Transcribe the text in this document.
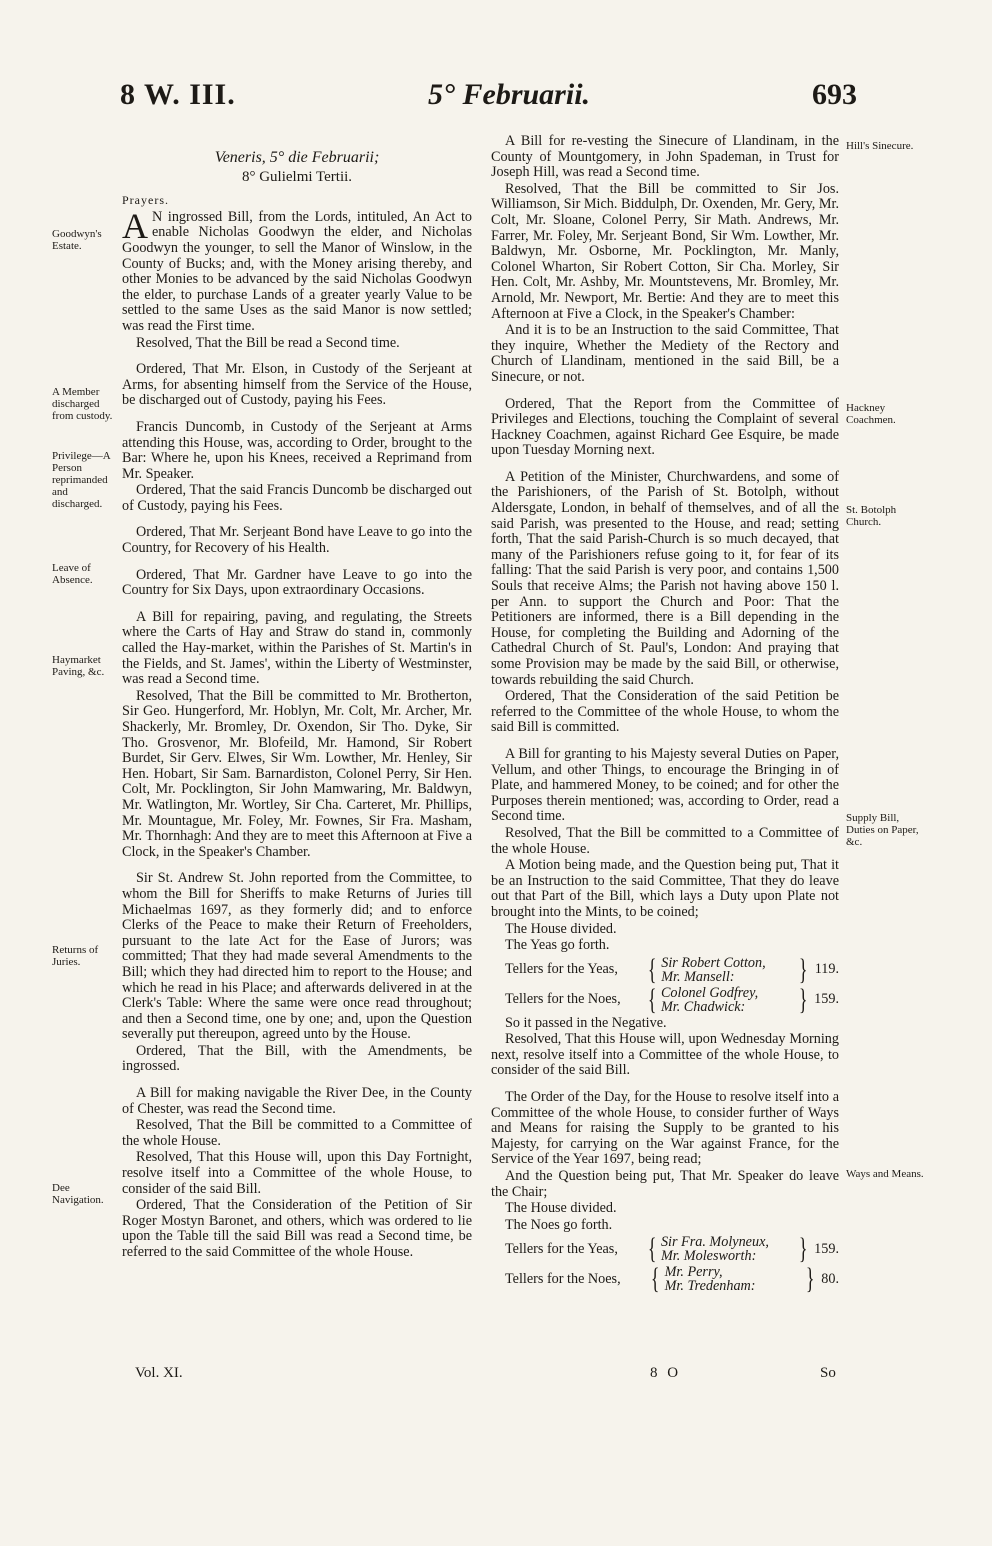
8 W. III.	5° Februarii.	693
Goodwyn's Estate.
A Member discharged from custody.
Privilege—A Person reprimanded and discharged.
Leave of Absence.
Haymarket Paving, &c.
Returns of Juries.
Dee Navigation.
Hill's Sinecure.
Hackney Coachmen.
St. Botolph Church.
Supply Bill, Duties on Paper, &c.
Ways and Means.

Veneris, 5° die Februarii;

8° Gulielmi Tertii.

Prayers.

A N ingrossed Bill, from the Lords, intituled, An Act to enable Nicholas Goodwyn the elder, and Nicholas Goodwyn the younger, to sell the Manor of Winslow, in the County of Bucks; and, with the Money arising thereby, and other Monies to be advanced by the said Nicholas Goodwyn the elder, to purchase Lands of a greater yearly Value to be settled to the same Uses as the said Manor is now settled; was read the First time.

Resolved, That the Bill be read a Second time.

Ordered, That Mr. Elson, in Custody of the Serjeant at Arms, for absenting himself from the Service of the House, be discharged out of Custody, paying his Fees.

Francis Duncomb, in Custody of the Serjeant at Arms attending this House, was, according to Order, brought to the Bar: Where he, upon his Knees, received a Reprimand from Mr. Speaker.

Ordered, That the said Francis Duncomb be discharged out of Custody, paying his Fees.

Ordered, That Mr. Serjeant Bond have Leave to go into the Country, for Recovery of his Health.

Ordered, That Mr. Gardner have Leave to go into the Country for Six Days, upon extraordinary Occasions.

A Bill for repairing, paving, and regulating, the Streets where the Carts of Hay and Straw do stand in, commonly called the Hay-market, within the Parishes of St. Martin's in the Fields, and St. James', within the Liberty of Westminster, was read a Second time.

Resolved, That the Bill be committed to Mr. Brotherton, Sir Geo. Hungerford, Mr. Hoblyn, Mr. Colt, Mr. Archer, Mr. Shackerly, Mr. Bromley, Dr. Oxendon, Sir Tho. Dyke, Sir Tho. Grosvenor, Mr. Blofeild, Mr. Hamond, Sir Robert Burdet, Sir Gerv. Elwes, Sir Wm. Lowther, Mr. Henley, Sir Hen. Hobart, Sir Sam. Barnardiston, Colonel Perry, Sir Hen. Colt, Mr. Pocklington, Sir John Mamwaring, Mr. Baldwyn, Mr. Watlington, Mr. Wortley, Sir Cha. Carteret, Mr. Phillips, Mr. Mountague, Mr. Foley, Mr. Fownes, Sir Fra. Masham, Mr. Thornhagh: And they are to meet this Afternoon at Five a Clock, in the Speaker's Chamber.

Sir St. Andrew St. John reported from the Committee, to whom the Bill for Sheriffs to make Returns of Juries till Michaelmas 1697, as they formerly did; and to enforce Clerks of the Peace to make their Return of Freeholders, pursuant to the late Act for the Ease of Jurors; was committed; That they had made several Amendments to the Bill; which they had directed him to report to the House; and which he read in his Place; and afterwards delivered in at the Clerk's Table: Where the same were once read throughout; and then a Second time, one by one; and, upon the Question severally put thereupon, agreed unto by the House.

Ordered, That the Bill, with the Amendments, be ingrossed.

A Bill for making navigable the River Dee, in the County of Chester, was read the Second time.

Resolved, That the Bill be committed to a Committee of the whole House.

Resolved, That this House will, upon this Day Fortnight, resolve itself into a Committee of the whole House, to consider of the said Bill.

Ordered, That the Consideration of the Petition of Sir Roger Mostyn Baronet, and others, which was ordered to lie upon the Table till the said Bill was read a Second time, be referred to the said Committee of the whole House.

A Bill for re-vesting the Sinecure of Llandinam, in the County of Mountgomery, in John Spademan, in Trust for Joseph Hill, was read a Second time.

Resolved, That the Bill be committed to Sir Jos. Williamson, Sir Mich. Biddulph, Dr. Oxenden, Mr. Gery, Mr. Colt, Mr. Sloane, Colonel Perry, Sir Math. Andrews, Mr. Farrer, Mr. Foley, Mr. Serjeant Bond, Sir Wm. Lowther, Mr. Baldwyn, Mr. Osborne, Mr. Pocklington, Mr. Manly, Colonel Wharton, Sir Robert Cotton, Sir Cha. Morley, Sir Hen. Colt, Mr. Ashby, Mr. Mountstevens, Mr. Bromley, Mr. Arnold, Mr. Newport, Mr. Bertie: And they are to meet this Afternoon at Five a Clock, in the Speaker's Chamber:

And it is to be an Instruction to the said Committee, That they inquire, Whether the Mediety of the Rectory and Church of Llandinam, mentioned in the said Bill, be a Sinecure, or not.

Ordered, That the Report from the Committee of Privileges and Elections, touching the Complaint of several Hackney Coachmen, against Richard Gee Esquire, be made upon Tuesday Morning next.

A Petition of the Minister, Churchwardens, and some of the Parishioners, of the Parish of St. Botolph, without Aldersgate, London, in behalf of themselves, and of all the said Parish, was presented to the House, and read; setting forth, That the said Parish-Church is so much decayed, that many of the Parishioners refuse going to it, for fear of its falling: That the said Parish is very poor, and contains 1,500 Souls that receive Alms; the Parish not having above 150 l. per Ann. to support the Church and Poor: That the Petitioners are informed, there is a Bill depending in the House, for completing the Building and Adorning of the Cathedral Church of St. Paul's, London: And praying that some Provision may be made by the said Bill, or otherwise, towards rebuilding the said Church.

Ordered, That the Consideration of the said Petition be referred to the Committee of the whole House, to whom the said Bill is committed.

A Bill for granting to his Majesty several Duties on Paper, Vellum, and other Things, to encourage the Bringing in of Plate, and hammered Money, to be coined; and for other the Purposes therein mentioned; was, according to Order, read a Second time.

Resolved, That the Bill be committed to a Committee of the whole House.

A Motion being made, and the Question being put, That it be an Instruction to the said Committee, That they do leave out that Part of the Bill, which lays a Duty upon Plate not brought into the Mints, to be coined;

The House divided.

The Yeas go forth.

Tellers for the Yeas, { Sir Robert Cotton,
Mr. Mansell:	} 119.
Tellers for the Noes, { Colonel Godfrey,
Mr. Chadwick:	} 159.

So it passed in the Negative.

Resolved, That this House will, upon Wednesday Morning next, resolve itself into a Committee of the whole House, to consider of the said Bill.

The Order of the Day, for the House to resolve itself into a Committee of the whole House, to consider further of Ways and Means for raising the Supply to be granted to his Majesty, for carrying on the War against France, for the Service of the Year 1697, being read;

And the Question being put, That Mr. Speaker do leave the Chair;

The House divided.

The Noes go forth.

Tellers for the Yeas, { Sir Fra. Molyneux,
Mr. Molesworth:	} 159.
Tellers for the Noes,	{ Mr. Perry,
Mr. Tredenham:	} 80.
Vol. XI.	8 O	So
